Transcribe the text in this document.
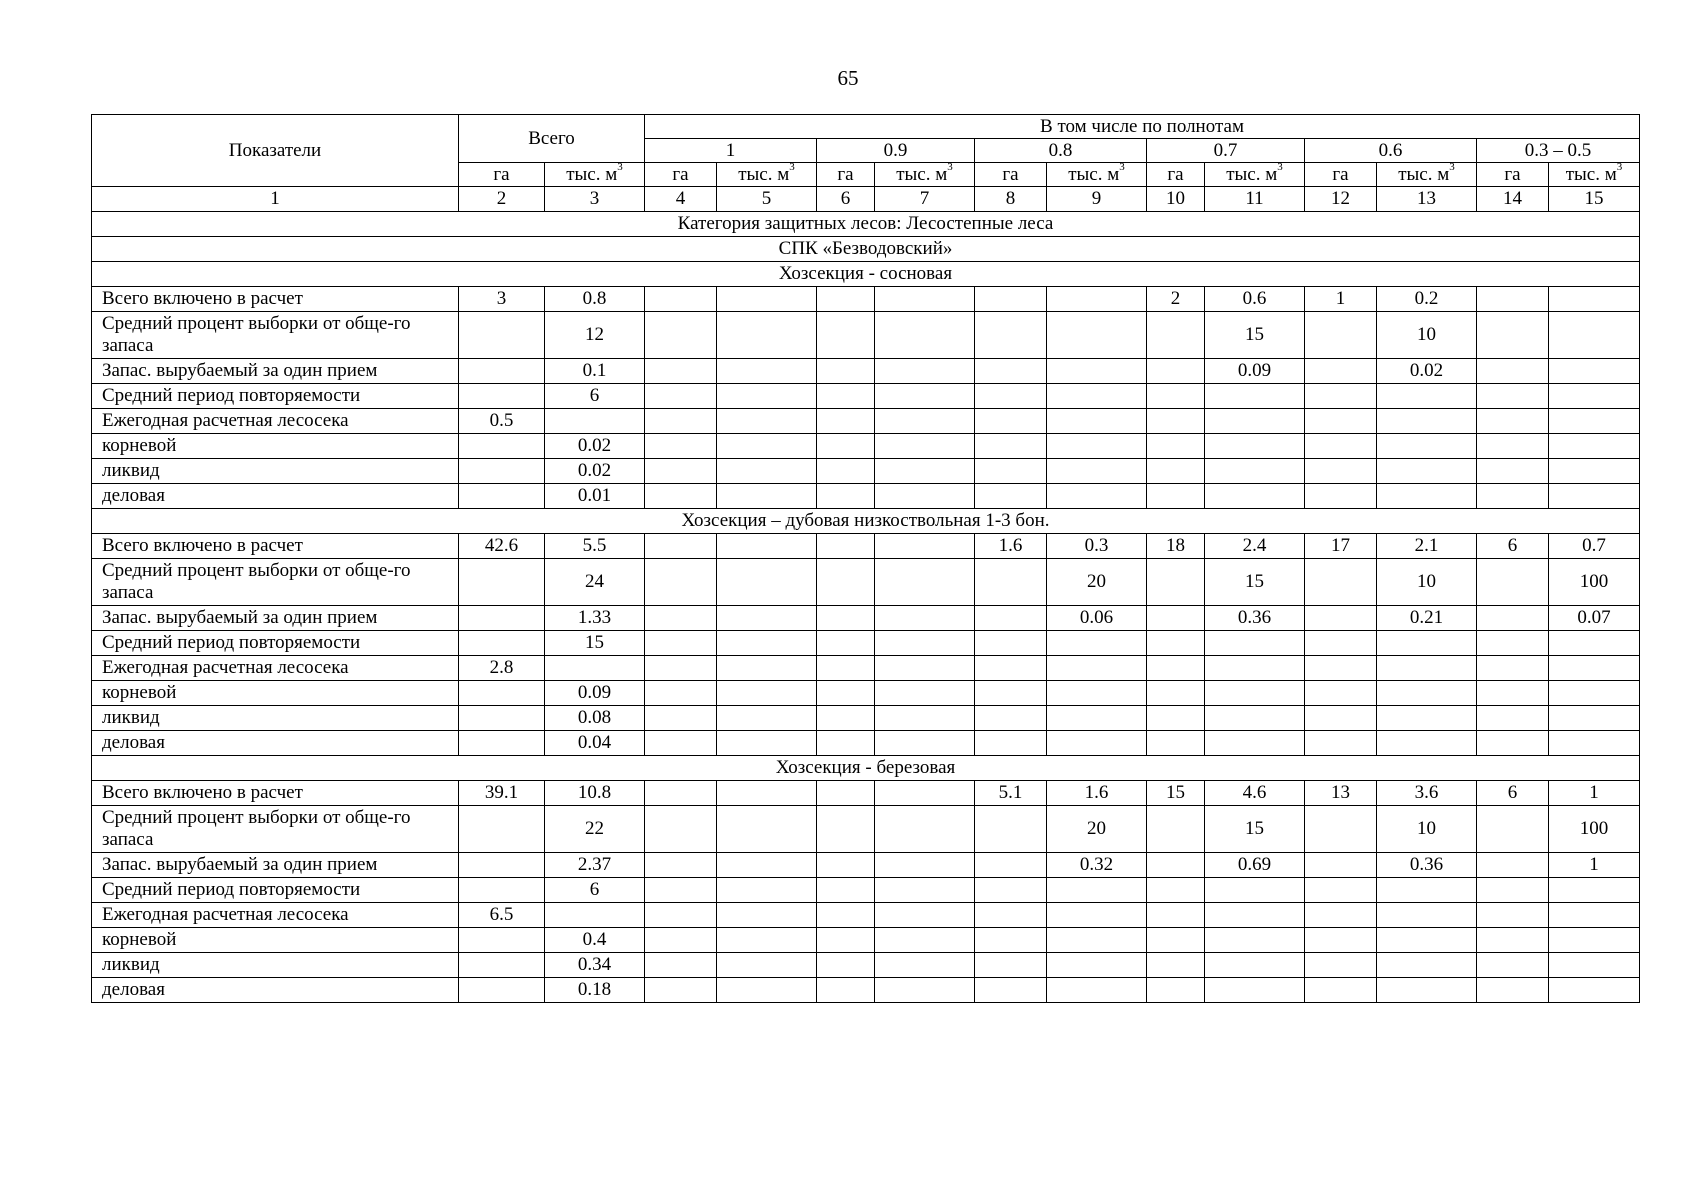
65
Показатели	Всего		В том числе по полнотам											
			1		0.9		0.8		0.7		0.6		0.3 – 0.5	
	га	тыс. $м^3$	га	тыс. $м^3$	га	тыс. $м^3$	га	тыс. $м^3$	га	тыс. $м^3$	га	тыс. $м^3$	га	тыс. $м^3$
1	2	3	4	5	6	7	8	9	10	11	12	13	14	15
Категория защитных лесов: Лесостепные леса														
СПК «Безводовский»														
Хозсекция - сосновая														
Всего включено в расчет	3	0.8							2	0.6	1	0.2		
Средний процент выборки от обще-го запаса		12								15		10		
Запас. вырубаемый за один прием		0.1								0.09		0.02		
Средний период повторяемости		6												
Ежегодная расчетная лесосека	0.5													
корневой		0.02												
ликвид		0.02												
деловая		0.01												
Хозсекция – дубовая низкоствольная 1-3 бон.														
Всего включено в расчет	42.6	5.5					1.6	0.3	18	2.4	17	2.1	6	0.7
Средний процент выборки от обще-го запаса		24						20		15		10		100
Запас. вырубаемый за один прием		1.33						0.06		0.36		0.21		0.07
Средний период повторяемости		15												
Ежегодная расчетная лесосека	2.8													
корневой		0.09												
ликвид		0.08												
деловая		0.04												
Хозсекция - березовая														
Всего включено в расчет	39.1	10.8					5.1	1.6	15	4.6	13	3.6	6	1
Средний процент выборки от обще-го запаса		22						20		15		10		100
Запас. вырубаемый за один прием		2.37						0.32		0.69		0.36		1
Средний период повторяемости		6												
Ежегодная расчетная лесосека	6.5													
корневой		0.4												
ликвид		0.34												
деловая		0.18												
